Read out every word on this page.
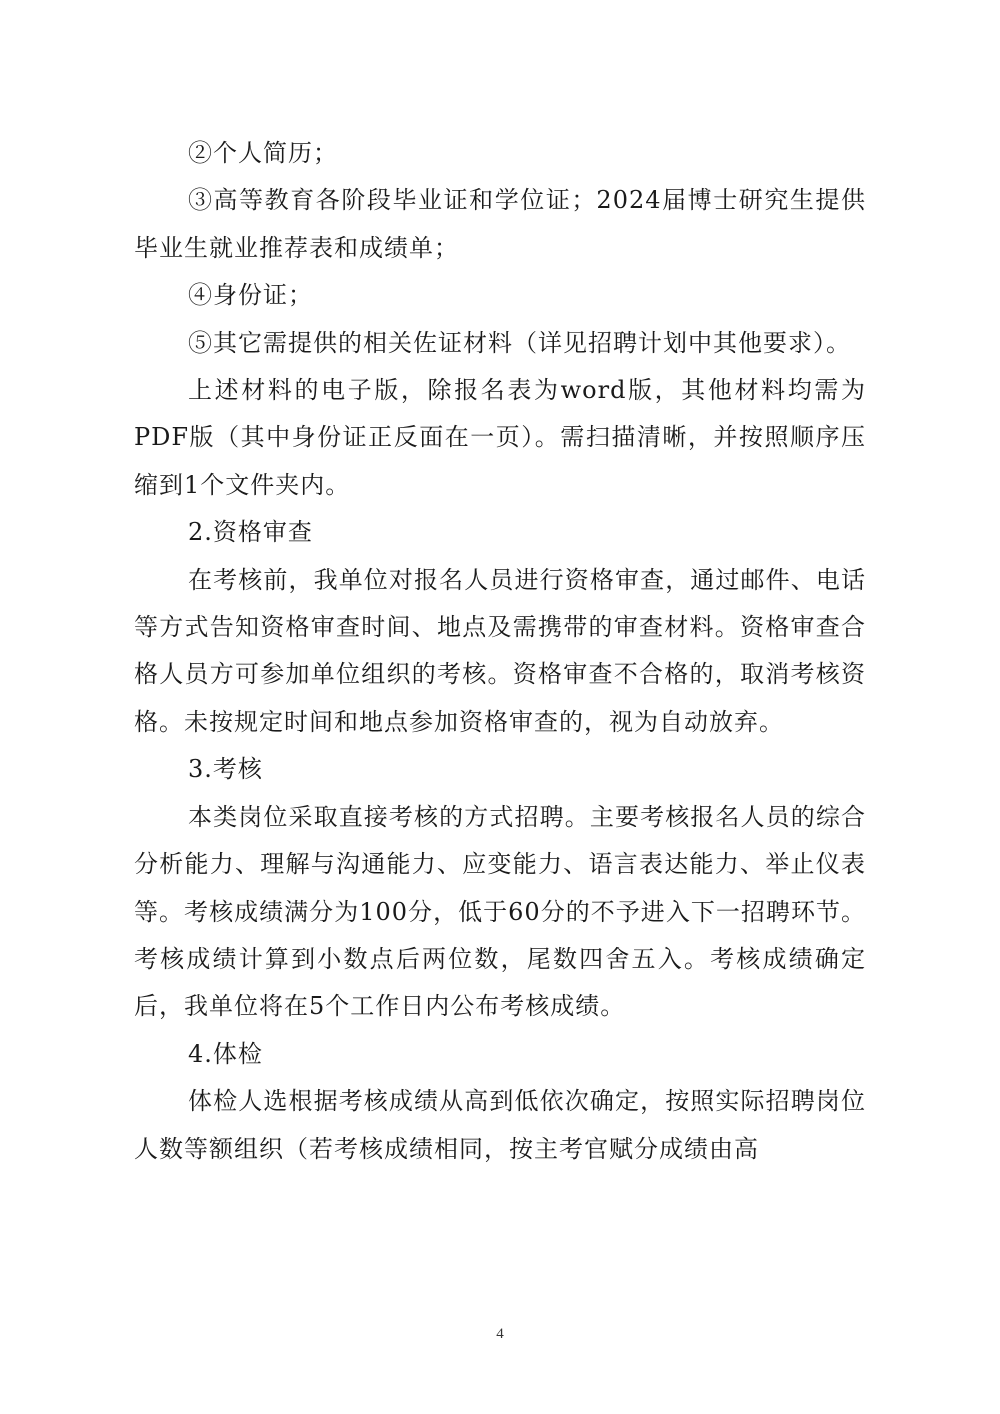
②个人简历；

③高等教育各阶段毕业证和学位证；2024届博士研究生提供毕业生就业推荐表和成绩单；

④身份证；

⑤其它需提供的相关佐证材料（详见招聘计划中其他要求）。

上述材料的电子版，除报名表为word版，其他材料均需为PDF版（其中身份证正反面在一页）。需扫描清晰，并按照顺序压缩到1个文件夹内。

2.资格审查

在考核前，我单位对报名人员进行资格审查，通过邮件、电话等方式告知资格审查时间、地点及需携带的审查材料。资格审查合格人员方可参加单位组织的考核。资格审查不合格的，取消考核资格。未按规定时间和地点参加资格审查的，视为自动放弃。

3.考核

本类岗位采取直接考核的方式招聘。主要考核报名人员的综合分析能力、理解与沟通能力、应变能力、语言表达能力、举止仪表等。考核成绩满分为100分，低于60分的不予进入下一招聘环节。考核成绩计算到小数点后两位数，尾数四舍五入。考核成绩确定后，我单位将在5个工作日内公布考核成绩。

4.体检

体检人选根据考核成绩从高到低依次确定，按照实际招聘岗位人数等额组织（若考核成绩相同，按主考官赋分成绩由高

4
